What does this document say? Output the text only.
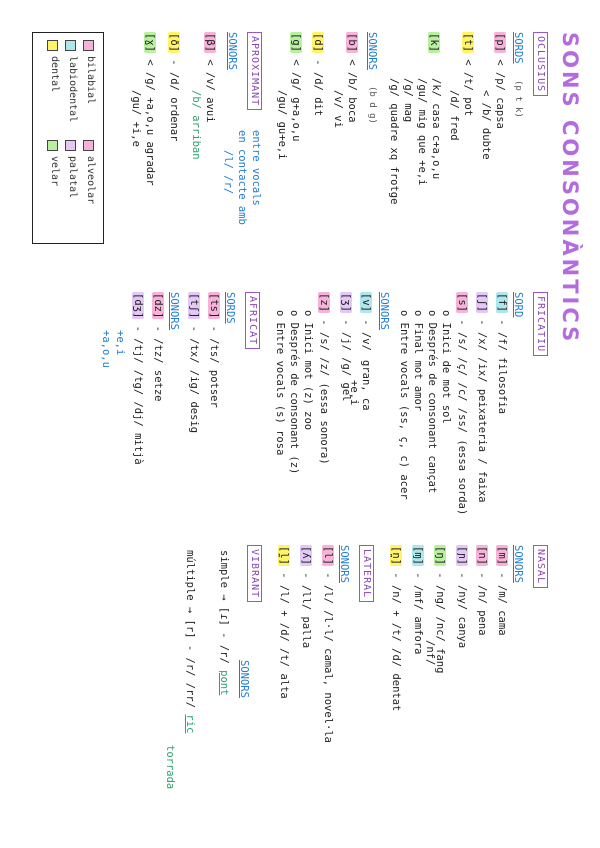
SONS CONSONÀNTICS
OCLUSIUS
SORDS
(p t k)
[p] < /p/ capsa
< /b/ dubte
[t] < /t/ pot
/d/ fred
[k]
/k/ casa c+a,o,u
/gu/ mig que +e,i
/g/ mag
/g/ quadre xq frotge
SONORS
(b d g)
[b] < /b/ boca
/v/ vi
[d] - /d/ dit
[g] < /g/ g+a,o,u
/gu/ gu+e,i
APROXIMANT
SONORS
entre vocals
en contacte amb
/l/ /r/
[β] < /v/ avui
/b/ arriban
[ð] - /d/ ordenar
[ɣ] < /g/ +a,o,u agradar
/gu/ +i,e
FRICATIU
SORD
[f] - /f/ filosofia
[ʃ] - /x/ /ix/ peixateria / faixa
[s] - /s/ /ç/ /c/ /ss/ (essa sorda)
o Inici de mot sol
o Després de consonant cançat
o Final mot amor
o Entre vocals (ss, ç, c) acer
SONORS
[v] - /v/
gran, ca
[ʒ] - /j/ /g/ gel
+e,i
[z] - /s/ /z/ (essa sonora)
o Inici mot (z) zoo
o Després de consonant (z)
o Entre vocals (s) rosa
AFRICAT
SORDS
[ts] - /ts/ potser
[tʃ] - /tx/ /ig/ desig
SONORS
[dz] - /tz/ setze
[dʒ] - /tj/ /tg/ /dj/ mitjà
+e,i
+a,o,u
NASAL
SONORS
[m] - /m/ cama
[n] - /n/ pena
[ɲ] - /ny/ canya
[ŋ] - /ng/ /nc/ fang
[ɱ] - /mf/ amfora /nf/
[n̪] - /n/ + /t/ /d/ dentat
LATERAL
SONORS
[l] - /l/ /l·l/ camal, novel·la
[ʎ] - /ll/ palla
[l̪] - /l/ + /d/ /t/ alta
VIBRANT
SONORS
simple → [ɾ] - /r/ pont
múltiple → [r] - /r/ /rr/ ric
torrada
bilabial
labiodental
dental
alveolar
palatal
velar
